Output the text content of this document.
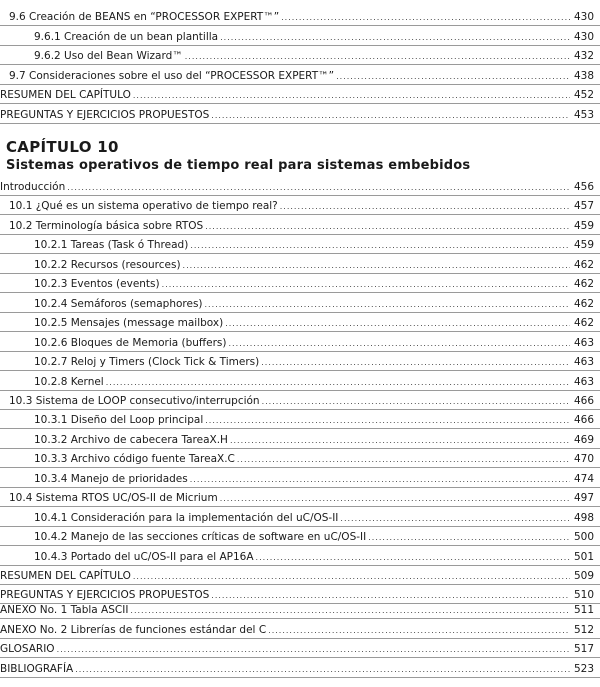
CAPÍTULO 10
Sistemas operativos de tiempo real para sistemas embebidos
9.6 Creación de BEANS en “PROCESSOR EXPERT™” .....	430
9.6.1 Creación de un bean plantilla .....	430
9.6.2 Uso del Bean Wizard™ .....	432
9.7 Consideraciones sobre el uso del “PROCESSOR EXPERT™” .....	438
RESUMEN DEL CAPÍTULO .....	452
PREGUNTAS Y EJERCICIOS PROPUESTOS .....	453
Introducción .....	456
10.1 ¿Qué es un sistema operativo de tiempo real? .....	457
10.2 Terminología básica sobre RTOS .....	459
10.2.1 Tareas (Task ó Thread) .....	459
10.2.2 Recursos (resources) .....	462
10.2.3 Eventos (events) .....	462
10.2.4 Semáforos (semaphores) .....	462
10.2.5 Mensajes (message mailbox) .....	462
10.2.6 Bloques de Memoria (buffers) .....	463
10.2.7 Reloj y Timers (Clock Tick & Timers) .....	463
10.2.8 Kernel .....	463
10.3 Sistema de LOOP consecutivo/interrupción .....	466
10.3.1 Diseño del Loop principal .....	466
10.3.2 Archivo de cabecera TareaX.H .....	469
10.3.3 Archivo código fuente TareaX.C .....	470
10.3.4 Manejo de prioridades .....	474
10.4 Sistema RTOS UC/OS-II de Micrium .....	497
10.4.1 Consideración para la implementación del uC/OS-II .....	498
10.4.2 Manejo de las secciones críticas de software en uC/OS-II .....	500
10.4.3 Portado del uC/OS-II para el AP16A .....	501
RESUMEN DEL CAPÍTULO .....	509
PREGUNTAS Y EJERCICIOS PROPUESTOS .....	510
ANEXO No. 1 Tabla ASCII .....	511
ANEXO No. 2 Librerías de funciones estándar del C .....	512
GLOSARIO .....	517
BIBLIOGRAFÍA .....	523
